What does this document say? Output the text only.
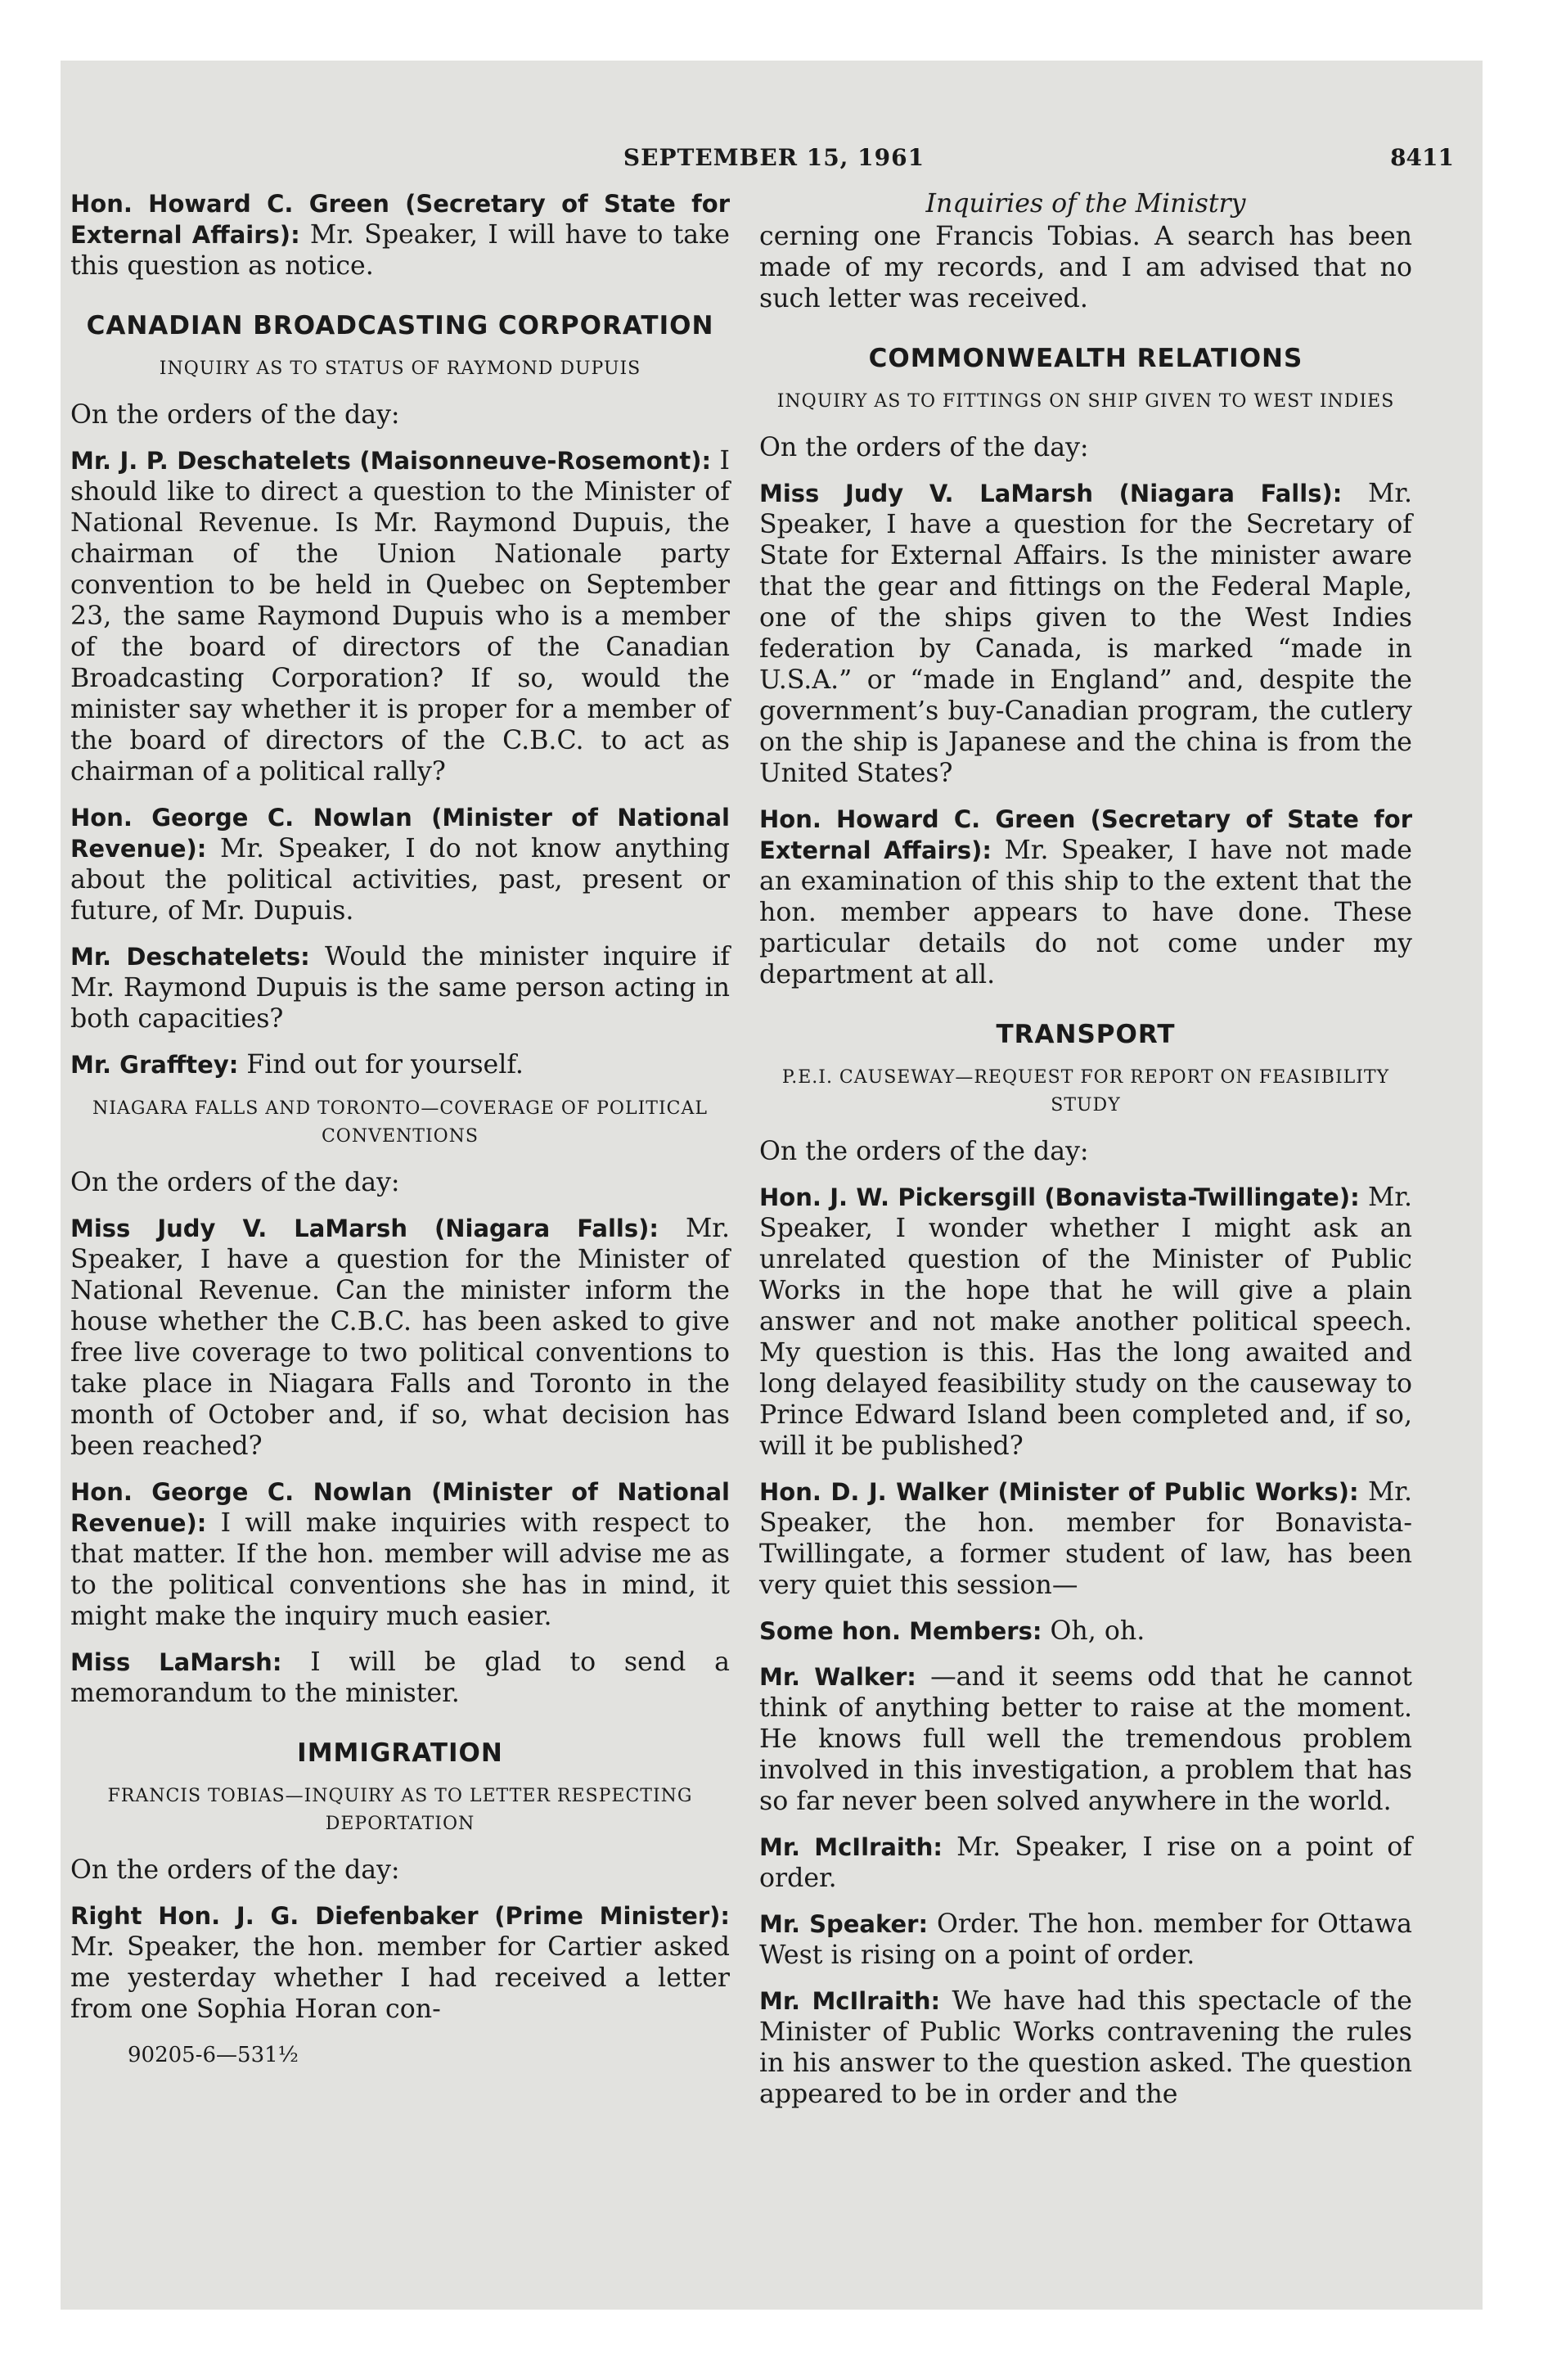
SEPTEMBER 15, 1961	8411

Hon. Howard C. Green (Secretary of State for External Affairs): Mr. Speaker, I will have to take this question as notice.

CANADIAN BROADCASTING CORPORATION
INQUIRY AS TO STATUS OF RAYMOND DUPUIS

On the orders of the day:

Mr. J. P. Deschatelets (Maisonneuve-Rosemont): I should like to direct a question to the Minister of National Revenue. Is Mr. Raymond Dupuis, the chairman of the Union Nationale party convention to be held in Quebec on September 23, the same Raymond Dupuis who is a member of the board of directors of the Canadian Broadcasting Corporation? If so, would the minister say whether it is proper for a member of the board of directors of the C.B.C. to act as chairman of a political rally?

Hon. George C. Nowlan (Minister of National Revenue): Mr. Speaker, I do not know anything about the political activities, past, present or future, of Mr. Dupuis.

Mr. Deschatelets: Would the minister inquire if Mr. Raymond Dupuis is the same person acting in both capacities?

Mr. Grafftey: Find out for yourself.

NIAGARA FALLS AND TORONTO—COVERAGE OF POLITICAL CONVENTIONS

On the orders of the day:

Miss Judy V. LaMarsh (Niagara Falls): Mr. Speaker, I have a question for the Minister of National Revenue. Can the minister inform the house whether the C.B.C. has been asked to give free live coverage to two political conventions to take place in Niagara Falls and Toronto in the month of October and, if so, what decision has been reached?

Hon. George C. Nowlan (Minister of National Revenue): I will make inquiries with respect to that matter. If the hon. member will advise me as to the political conventions she has in mind, it might make the inquiry much easier.

Miss LaMarsh: I will be glad to send a memorandum to the minister.

IMMIGRATION
FRANCIS TOBIAS—INQUIRY AS TO LETTER RESPECTING DEPORTATION

On the orders of the day:

Right Hon. J. G. Diefenbaker (Prime Minister): Mr. Speaker, the hon. member for Cartier asked me yesterday whether I had received a letter from one Sophia Horan con-

90205-6—531½

Inquiries of the Ministry

cerning one Francis Tobias. A search has been made of my records, and I am advised that no such letter was received.

COMMONWEALTH RELATIONS
INQUIRY AS TO FITTINGS ON SHIP GIVEN TO WEST INDIES

On the orders of the day:

Miss Judy V. LaMarsh (Niagara Falls): Mr. Speaker, I have a question for the Secretary of State for External Affairs. Is the minister aware that the gear and fittings on the Federal Maple, one of the ships given to the West Indies federation by Canada, is marked “made in U.S.A.” or “made in England” and, despite the government’s buy-Canadian program, the cutlery on the ship is Japanese and the china is from the United States?

Hon. Howard C. Green (Secretary of State for External Affairs): Mr. Speaker, I have not made an examination of this ship to the extent that the hon. member appears to have done. These particular details do not come under my department at all.

TRANSPORT
P.E.I. CAUSEWAY—REQUEST FOR REPORT ON FEASIBILITY STUDY

On the orders of the day:

Hon. J. W. Pickersgill (Bonavista-Twillingate): Mr. Speaker, I wonder whether I might ask an unrelated question of the Minister of Public Works in the hope that he will give a plain answer and not make another political speech. My question is this. Has the long awaited and long delayed feasibility study on the causeway to Prince Edward Island been completed and, if so, will it be published?

Hon. D. J. Walker (Minister of Public Works): Mr. Speaker, the hon. member for Bonavista-Twillingate, a former student of law, has been very quiet this session—

Some hon. Members: Oh, oh.

Mr. Walker: —and it seems odd that he cannot think of anything better to raise at the moment. He knows full well the tremendous problem involved in this investigation, a problem that has so far never been solved anywhere in the world.

Mr. McIlraith: Mr. Speaker, I rise on a point of order.

Mr. Speaker: Order. The hon. member for Ottawa West is rising on a point of order.

Mr. McIlraith: We have had this spectacle of the Minister of Public Works contravening the rules in his answer to the question asked. The question appeared to be in order and the
